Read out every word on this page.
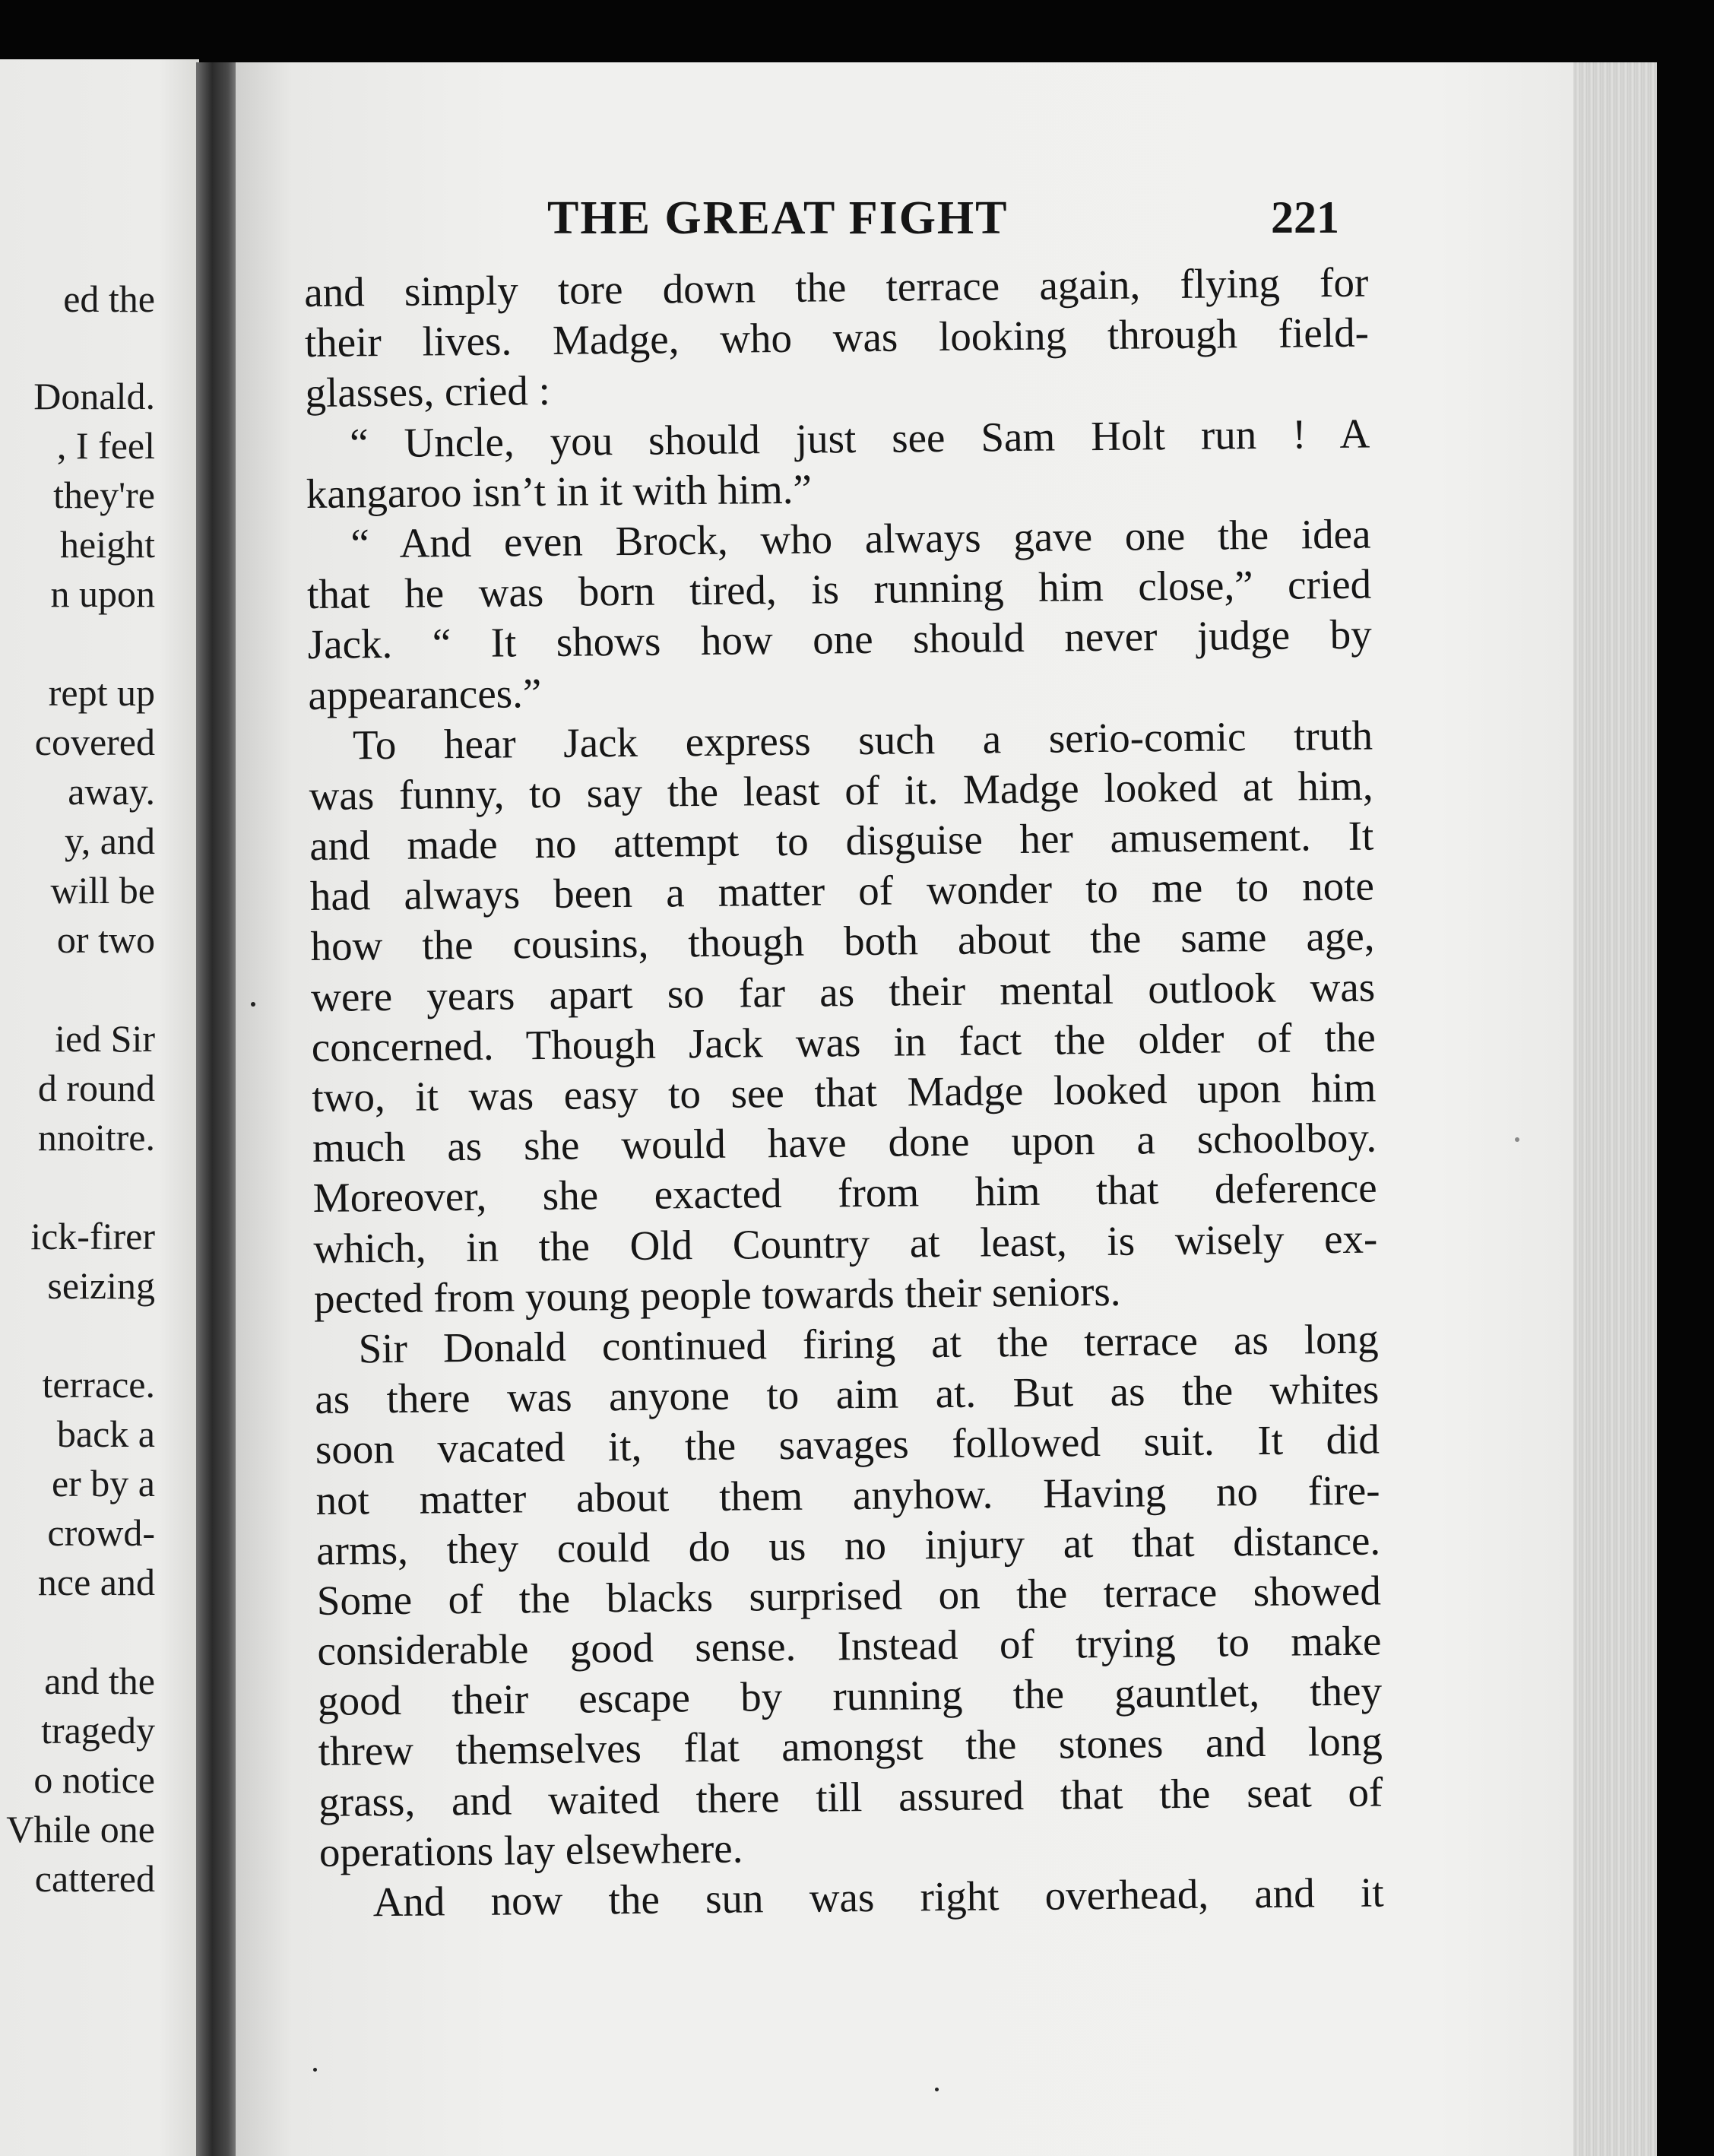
ed the
Donald.
, I feel
they're
height
n upon
rept up
covered
away.
y, and
will be
or two
ied Sir
d round
nnoitre.
ick-firer
seizing
terrace.
back a
er by a
crowd-
nce and
and the
tragedy
o notice
Vhile one
cattered
THE GREAT FIGHT	221
and simply tore down the terrace again, flying for
their lives. Madge, who was looking through field-
glasses, cried :
“ Uncle, you should just see Sam Holt run ! A
kangaroo isn’t in it with him.”
“ And even Brock, who always gave one the idea
that he was born tired, is running him close,” cried
Jack. “ It shows how one should never judge by
appearances.”
To hear Jack express such a serio-comic truth
was funny, to say the least of it. Madge looked at him,
and made no attempt to disguise her amusement. It
had always been a matter of wonder to me to note
how the cousins, though both about the same age,
were years apart so far as their mental outlook was
concerned. Though Jack was in fact the older of the
two, it was easy to see that Madge looked upon him
much as she would have done upon a schoolboy.
Moreover, she exacted from him that deference
which, in the Old Country at least, is wisely ex-
pected from young people towards their seniors.
Sir Donald continued firing at the terrace as long
as there was anyone to aim at. But as the whites
soon vacated it, the savages followed suit. It did
not matter about them anyhow. Having no fire-
arms, they could do us no injury at that distance.
Some of the blacks surprised on the terrace showed
considerable good sense. Instead of trying to make
good their escape by running the gauntlet, they
threw themselves flat amongst the stones and long
grass, and waited there till assured that the seat of
operations lay elsewhere.
And now the sun was right overhead, and it
